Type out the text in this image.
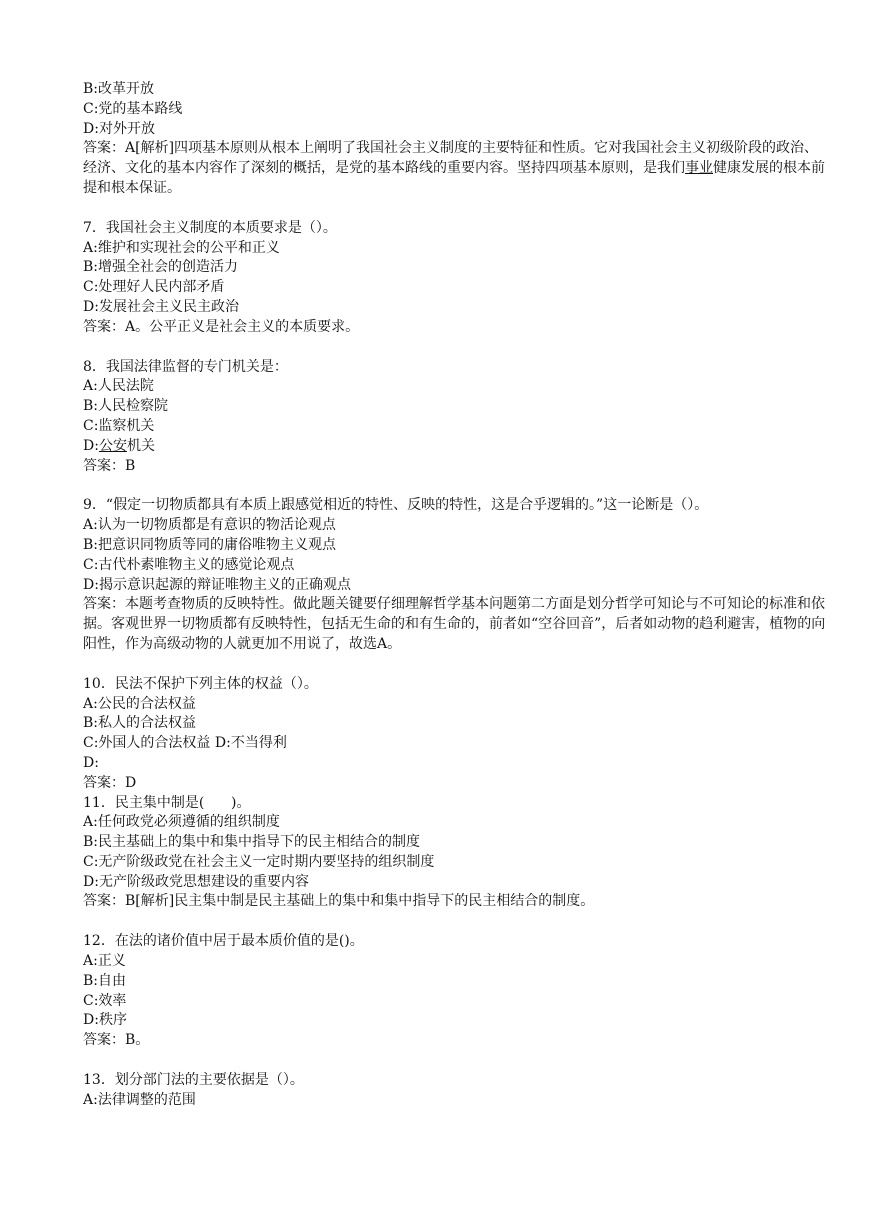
B:改革开放
C:党的基本路线
D:对外开放
答案：A[解析]四项基本原则从根本上阐明了我国社会主义制度的主要特征和性质。它对我国社会主义初级阶段的政治、经济、文化的基本内容作了深刻的概括，是党的基本路线的重要内容。坚持四项基本原则，是我们事业健康发展的根本前提和根本保证。
7．我国社会主义制度的本质要求是（）。
A:维护和实现社会的公平和正义
B:增强全社会的创造活力
C:处理好人民内部矛盾
D:发展社会主义民主政治
答案：A。公平正义是社会主义的本质要求。
8．我国法律监督的专门机关是：
A:人民法院
B:人民检察院
C:监察机关
D:公安机关
答案：B
9．“假定一切物质都具有本质上跟感觉相近的特性、反映的特性，这是合乎逻辑的。”这一论断是（）。
A:认为一切物质都是有意识的物活论观点
B:把意识同物质等同的庸俗唯物主义观点
C:古代朴素唯物主义的感觉论观点
D:揭示意识起源的辩证唯物主义的正确观点
答案：本题考查物质的反映特性。做此题关键要仔细理解哲学基本问题第二方面是划分哲学可知论与不可知论的标准和依据。客观世界一切物质都有反映特性，包括无生命的和有生命的，前者如“空谷回音”，后者如动物的趋利避害，植物的向阳性，作为高级动物的人就更加不用说了，故选A。
10．民法不保护下列主体的权益（）。
A:公民的合法权益
B:私人的合法权益
C:外国人的合法权益 D:不当得利
D:
答案：D
11．民主集中制是(      )。
A:任何政党必须遵循的组织制度
B:民主基础上的集中和集中指导下的民主相结合的制度
C:无产阶级政党在社会主义一定时期内要坚持的组织制度
D:无产阶级政党思想建设的重要内容
答案：B[解析]民主集中制是民主基础上的集中和集中指导下的民主相结合的制度。
12．在法的诸价值中居于最本质价值的是()。
A:正义
B:自由
C:效率
D:秩序
答案：B。
13．划分部门法的主要依据是（）。
A:法律调整的范围
